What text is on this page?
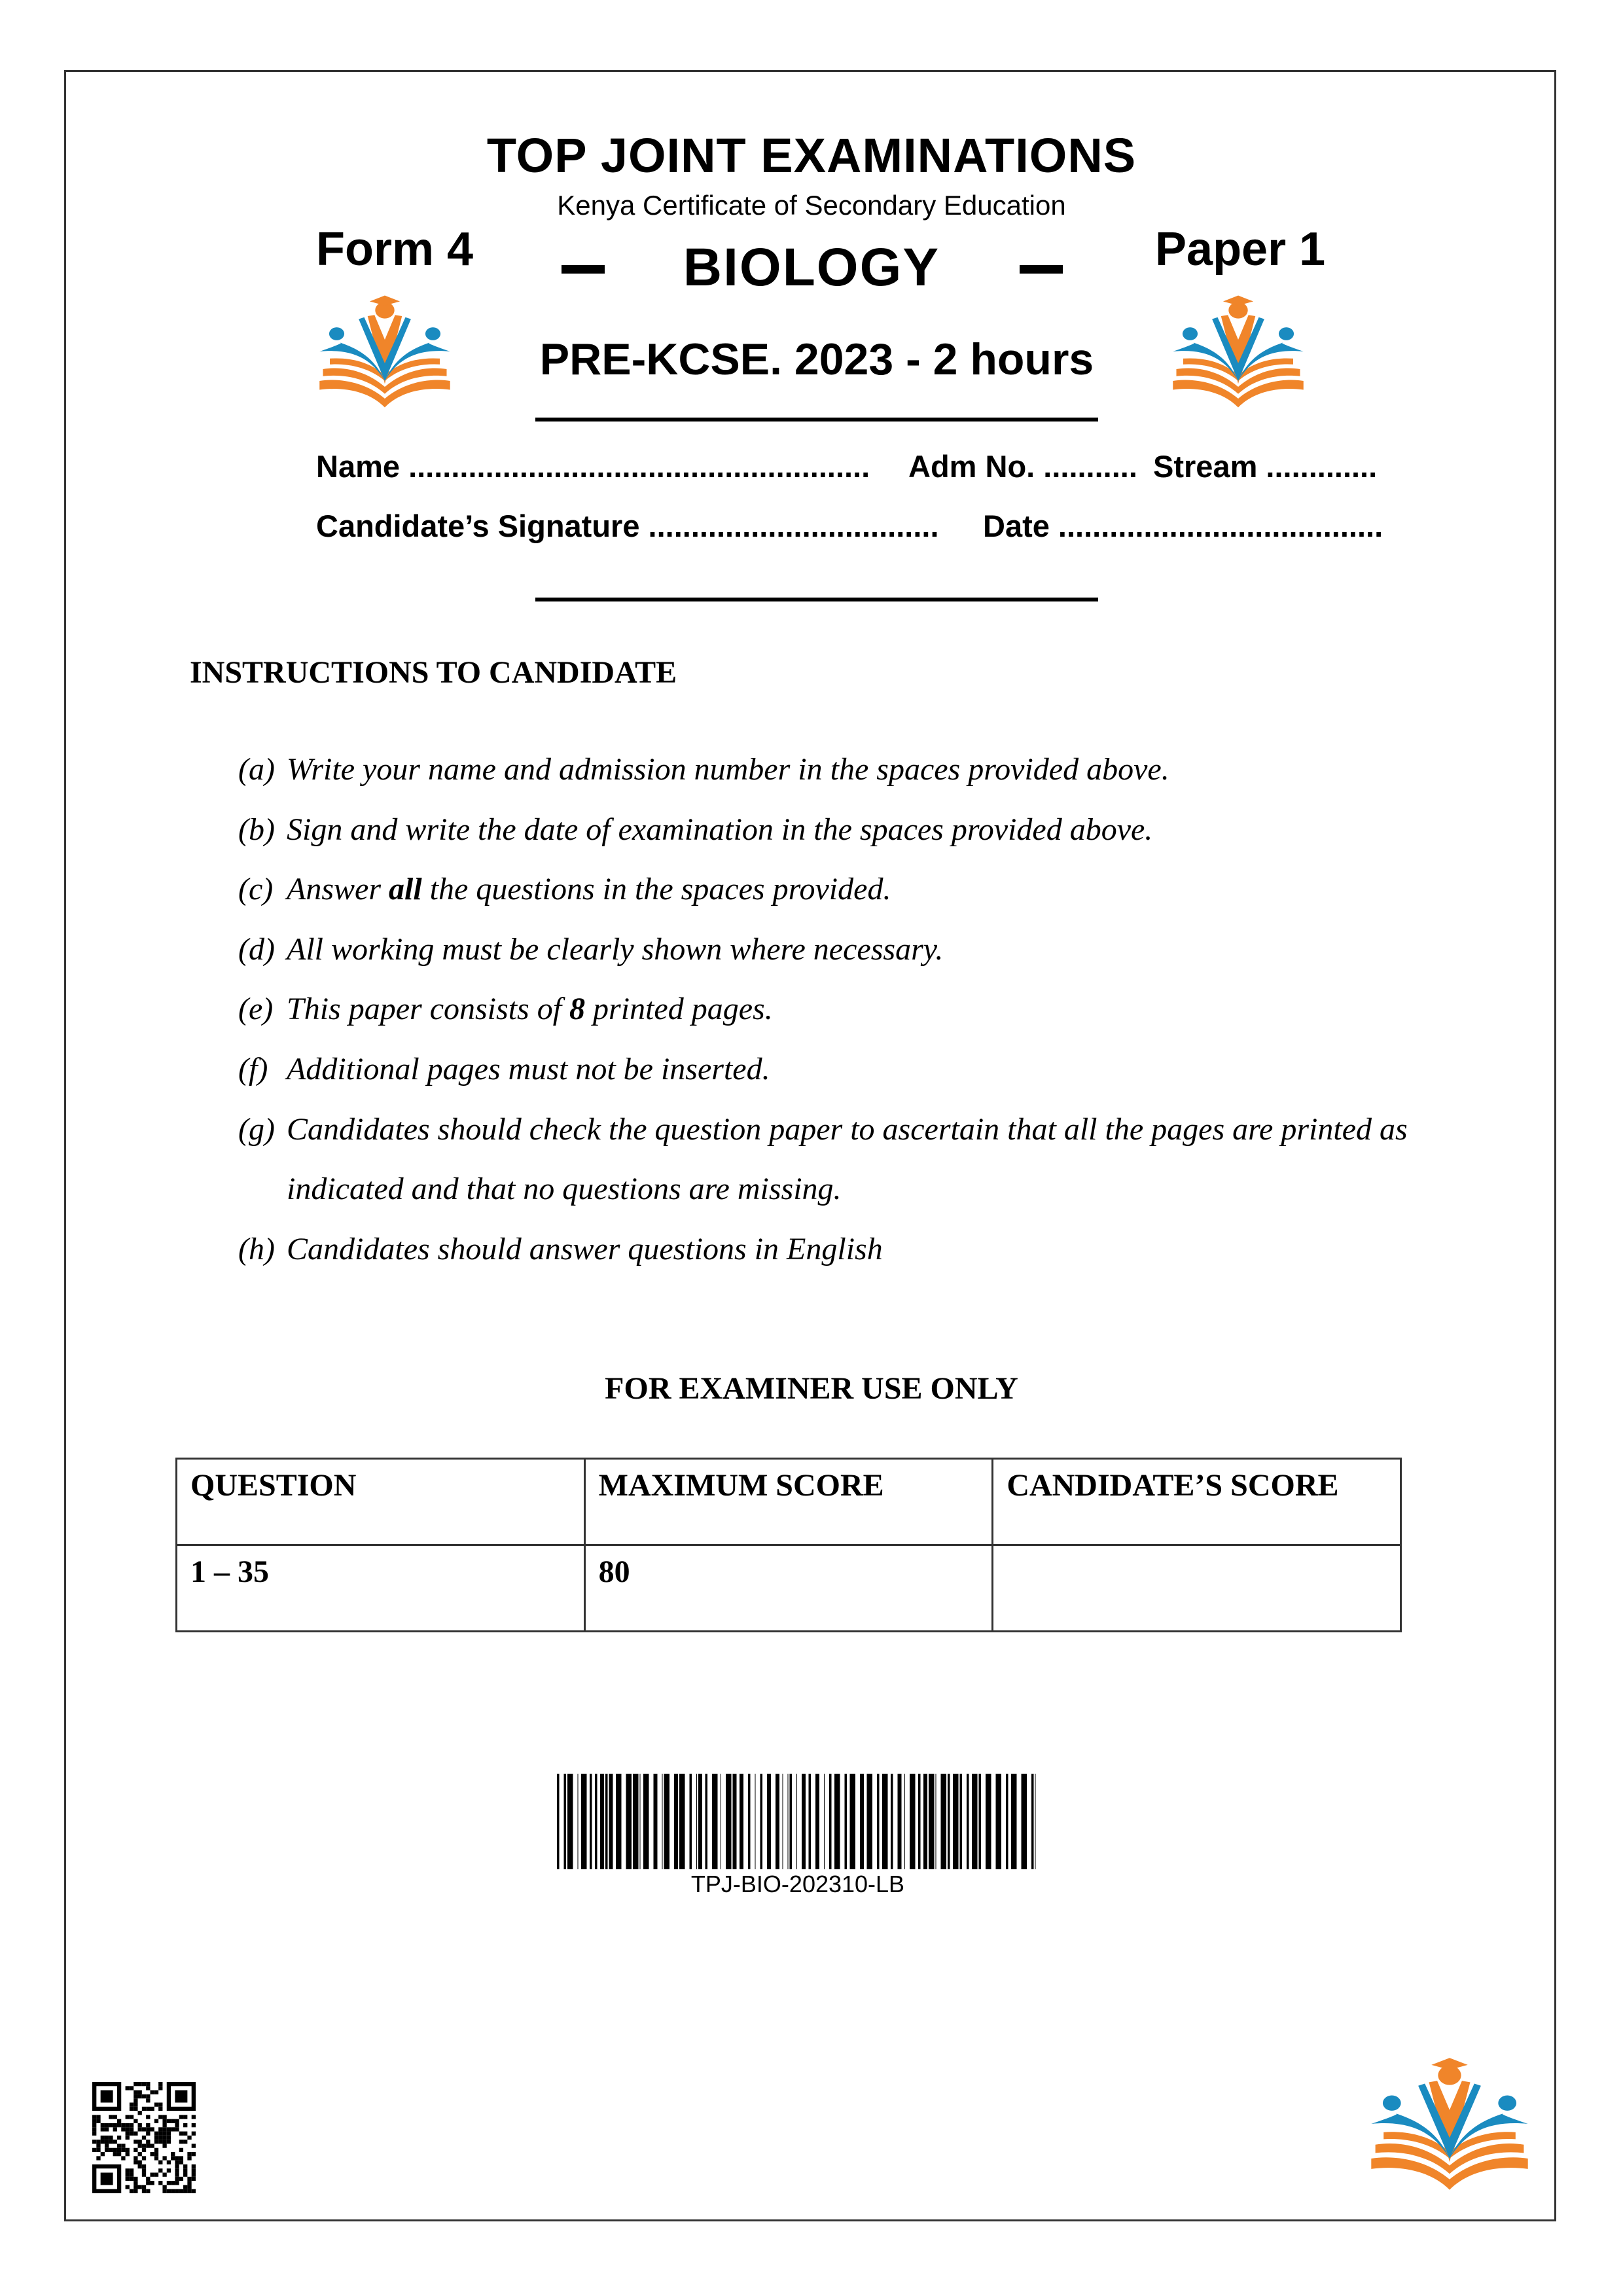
TOP JOINT EXAMINATIONS
Kenya Certificate of Secondary Education
Form 4	BIOLOGY	Paper 1
PRE-KCSE. 2023 - 2 hours
Name ...................................................... Adm No. ........... Stream .............
Candidate’s Signature .................................. Date ......................................
INSTRUCTIONS TO CANDIDATE
(a) Write your name and admission number in the spaces provided above.
(b) Sign and write the date of examination in the spaces provided above.
(c) Answer all the questions in the spaces provided.
(d) All working must be clearly shown where necessary.
(e) This paper consists of 8 printed pages.
(f) Additional pages must not be inserted.
(g) Candidates should check the question paper to ascertain that all the pages are printed as
indicated and that no questions are missing.
(h) Candidates should answer questions in English
FOR EXAMINER USE ONLY
QUESTION	MAXIMUM SCORE	CANDIDATE’S SCORE
1 – 35	80	
TPJ-BIO-202310-LB
